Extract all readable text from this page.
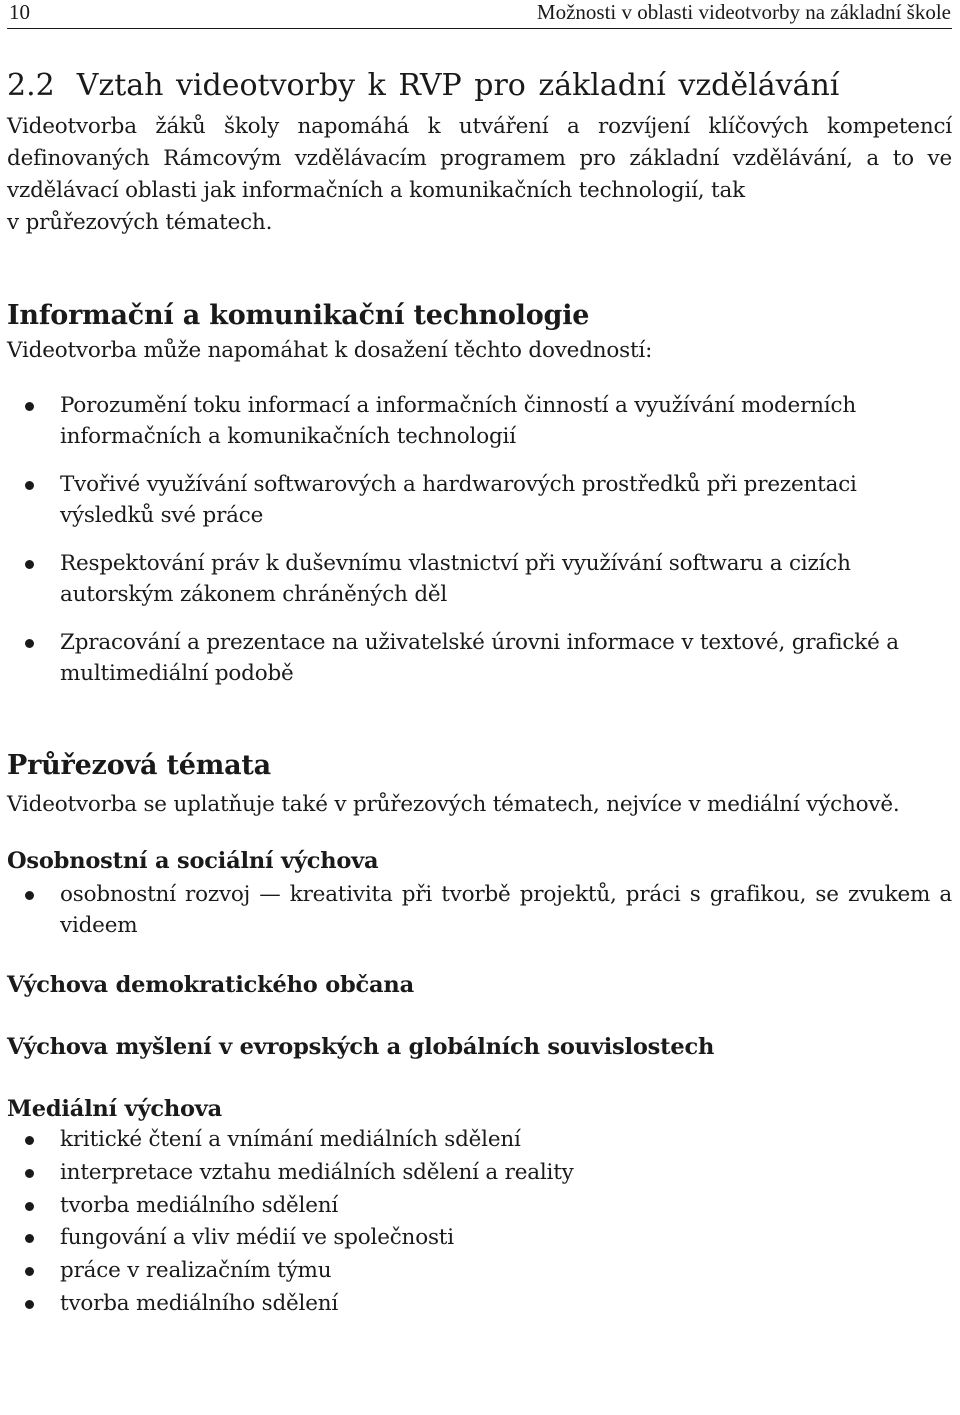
10	Možnosti v oblasti videotvorby na základní škole
2.2 Vztah videotvorby k RVP pro základní vzdělávání

Videotvorba žáků školy napomáhá k utváření a rozvíjení klíčových kompetencí definovaných Rámcovým vzdělávacím programem pro základní vzdělávání, a to ve vzdělávací oblasti jak informačních a komunikačních technologií, tak
v průřezových tématech.

Informační a komunikační technologie

Videotvorba může napomáhat k dosažení těchto dovedností:

Porozumění toku informací a informačních činností a využívání moderních informačních a komunikačních technologií
Tvořivé využívání softwarových a hardwarových prostředků při prezentaci výsledků své práce
Respektování práv k duševnímu vlastnictví při využívání softwaru a cizích autorským zákonem chráněných děl
Zpracování a prezentace na uživatelské úrovni informace v textové, grafické a multimediální podobě
Průřezová témata

Videotvorba se uplatňuje také v průřezových tématech, nejvíce v mediální výchově.

Osobnostní a sociální výchova
osobnostní rozvoj — kreativita při tvorbě projektů, práci s grafikou, se zvukem a videem
Výchova demokratického občana
Výchova myšlení v evropských a globálních souvislostech
Mediální výchova
kritické čtení a vnímání mediálních sdělení
interpretace vztahu mediálních sdělení a reality
tvorba mediálního sdělení
fungování a vliv médií ve společnosti
práce v realizačním týmu
tvorba mediálního sdělení
